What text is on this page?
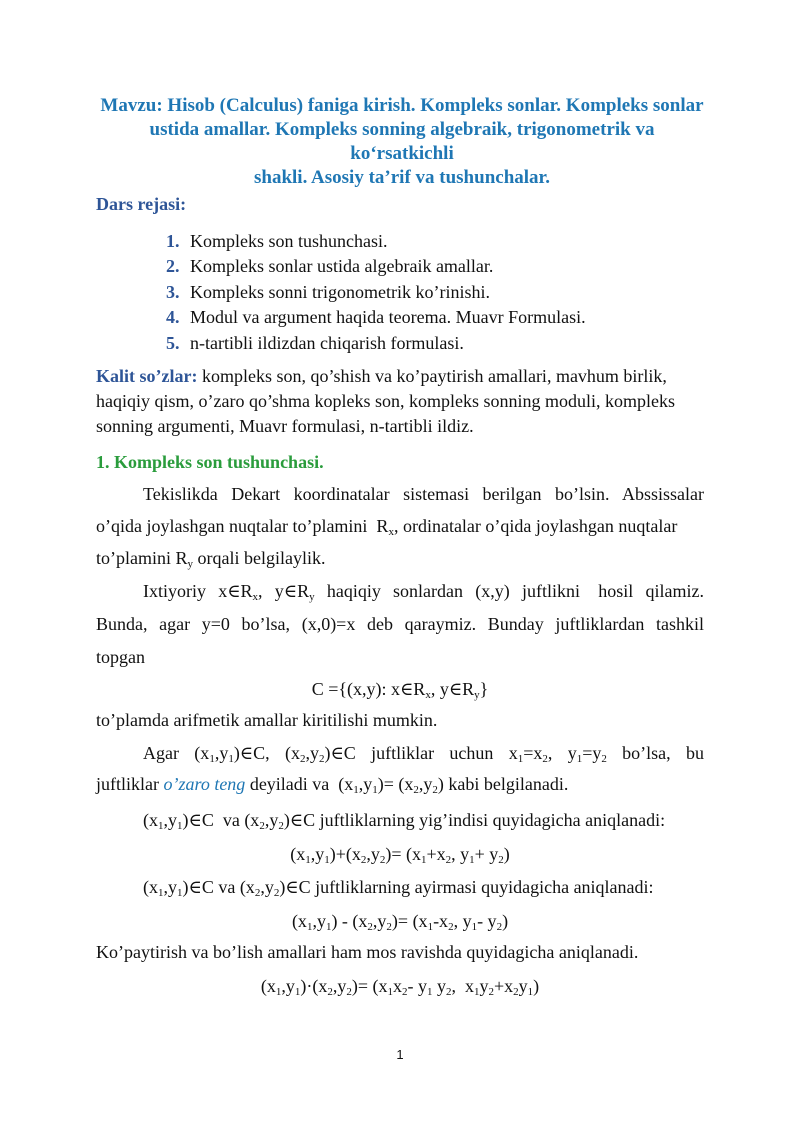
Mavzu: Hisob (Calculus) faniga kirish. Kompleks sonlar. Kompleks sonlar
ustida amallar. Kompleks sonning algebraik, trigonometrik va ko‘rsatkichli
shakli. Asosiy ta’rif va tushunchalar.
Dars rejasi:
1. Kompleks son tushunchasi.
2. Kompleks sonlar ustida algebraik amallar.
3. Kompleks sonni trigonometrik ko’rinishi.
4. Modul va argument haqida teorema. Muavr Formulasi.
5. n-tartibli ildizdan chiqarish formulasi.
Kalit so’zlar: kompleks son, qo’shish va ko’paytirish amallari, mavhum birlik,
haqiqiy qism, o’zaro qo’shma kopleks son, kompleks sonning moduli, kompleks
sonning argumenti, Muavr formulasi, n-tartibli ildiz.
1. Kompleks son tushunchasi.
Tekislikda Dekart koordinatalar sistemasi berilgan bo’lsin. Abssissalar
o’qida joylashgan nuqtalar to’plamini  $R_x$, ordinatalar o’qida joylashgan nuqtalar
to’plamini $R_y$ orqali belgilaylik.
Ixtiyoriy  $x\in R_x$,  $y\in R_y$  haqiqiy  sonlardan  (x,y)  juftlikni   hosil  qilamiz.
Bunda,  agar  y=0  bo’lsa,  (x,0)=x  deb  qaraymiz.  Bunday  juftliklardan  tashkil
topgan
C ={(x,y): $x\in R_x$, $y\in R_y$}
to’plamda arifmetik amallar kiritilishi mumkin.
Agar  $(x_1,y_1)\in C$,  $(x_2,y_2)\in C$  juftliklar  uchun  $x_1=x_2$,  $y_1=y_2$  bo’lsa,  bu
juftliklar o’zaro teng deyiladi va  $(x_1,y_1)= (x_2,y_2)$ kabi belgilanadi.
$(x_1,y_1)\in C$  va $(x_2,y_2)\in C$ juftliklarning yig’indisi quyidagicha aniqlanadi:
$(x_1,y_1)+(x_2,y_2)= (x_1+x_2$, $y_1+ y_2$)
$(x_1,y_1)\in C$ va $(x_2,y_2)\in C$ juftliklarning ayirmasi quyidagicha aniqlanadi:
$(x_1,y_1) - (x_2,y_2)= (x_1-x_2$, $y_1-$ $y_2$)
Ko’paytirish va bo’lish amallari ham mos ravishda quyidagicha aniqlanadi.
$(x_1,y_1)\cdot(x_2,y_2)= (x_1x_2-$ $y_1$ $y_2$,  $x_1y_2+x_2y_1$)
1
